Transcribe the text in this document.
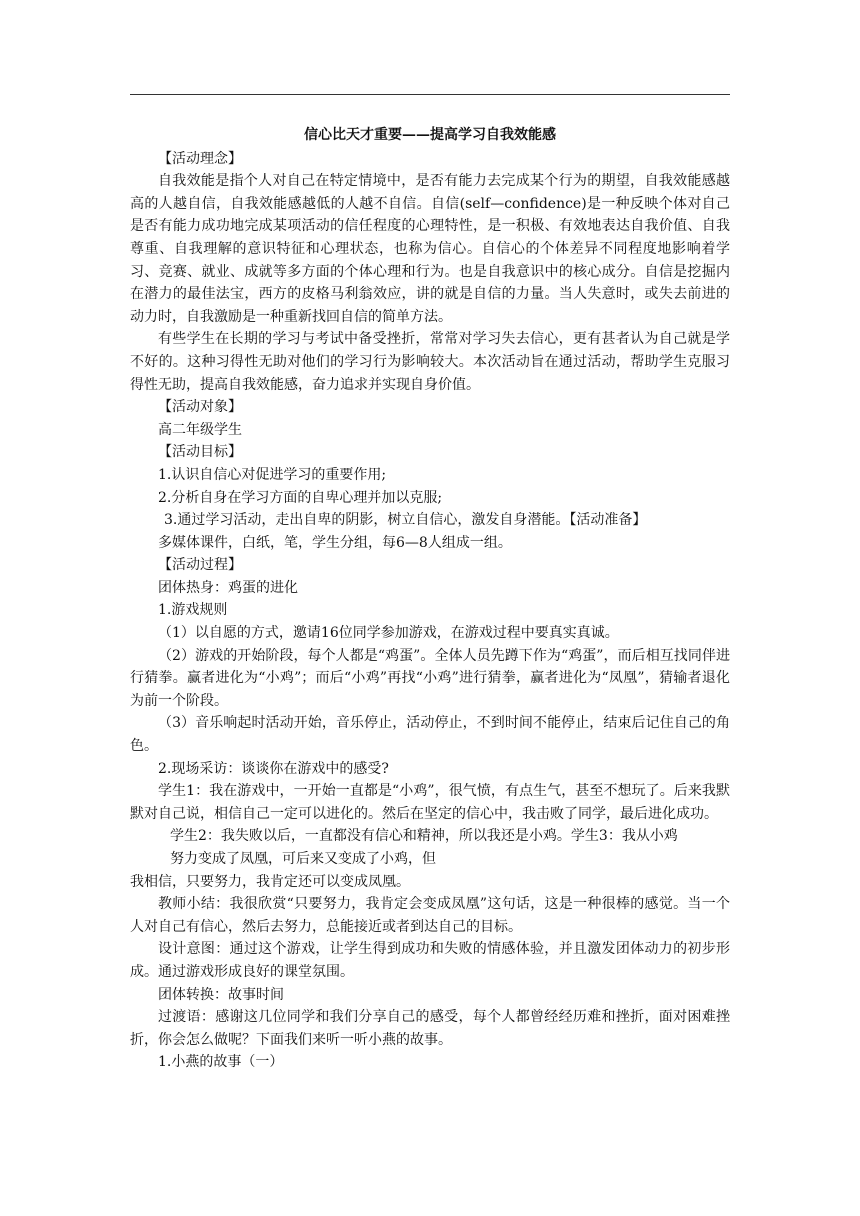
信心比天才重要——提高学习自我效能感

【活动理念】

自我效能是指个人对自己在特定情境中，是否有能力去完成某个行为的期望，自我效能感越高的人越自信，自我效能感越低的人越不自信。自信(self—confidence)是一种反映个体对自己是否有能力成功地完成某项活动的信任程度的心理特性，是一积极、有效地表达自我价值、自我尊重、自我理解的意识特征和心理状态，也称为信心。自信心的个体差异不同程度地影响着学习、竞赛、就业、成就等多方面的个体心理和行为。也是自我意识中的核心成分。自信是挖掘内在潜力的最佳法宝，西方的皮格马利翁效应，讲的就是自信的力量。当人失意时，或失去前进的动力时，自我激励是一种重新找回自信的简单方法。

有些学生在长期的学习与考试中备受挫折，常常对学习失去信心，更有甚者认为自己就是学不好的。这种习得性无助对他们的学习行为影响较大。本次活动旨在通过活动，帮助学生克服习得性无助，提高自我效能感，奋力追求并实现自身价值。

【活动对象】

高二年级学生

【活动目标】

1.认识自信心对促进学习的重要作用;

2.分析自身在学习方面的自卑心理并加以克服;

3.通过学习活动，走出自卑的阴影，树立自信心，激发自身潜能。【活动准备】

多媒体课件，白纸，笔，学生分组，每6—8人组成一组。

【活动过程】

团体热身：鸡蛋的进化

1.游戏规则

（1）以自愿的方式，邀请16位同学参加游戏，在游戏过程中要真实真诚。

（2）游戏的开始阶段，每个人都是“鸡蛋”。全体人员先蹲下作为“鸡蛋”，而后相互找同伴进行猜拳。赢者进化为“小鸡”；而后“小鸡”再找“小鸡”进行猜拳，赢者进化为“凤凰”，猜输者退化为前一个阶段。

（3）音乐响起时活动开始，音乐停止，活动停止，不到时间不能停止，结束后记住自己的角色。

2.现场采访：谈谈你在游戏中的感受?

学生1：我在游戏中，一开始一直都是“小鸡”，很气愤，有点生气，甚至不想玩了。后来我默默对自己说，相信自己一定可以进化的。然后在坚定的信心中，我击败了同学，最后进化成功。

学生2：我失败以后，一直都没有信心和精神，所以我还是小鸡。学生3：我从小鸡

努力变成了凤凰，可后来又变成了小鸡，但

我相信，只要努力，我肯定还可以变成凤凰。

教师小结：我很欣赏“只要努力，我肯定会变成凤凰”这句话，这是一种很棒的感觉。当一个人对自己有信心，然后去努力，总能接近或者到达自己的目标。

设计意图：通过这个游戏，让学生得到成功和失败的情感体验，并且激发团体动力的初步形成。通过游戏形成良好的课堂氛围。

团体转换：故事时间

过渡语：感谢这几位同学和我们分享自己的感受，每个人都曾经经历难和挫折，面对困难挫折，你会怎么做呢？下面我们来听一听小燕的故事。

1.小燕的故事（一）
